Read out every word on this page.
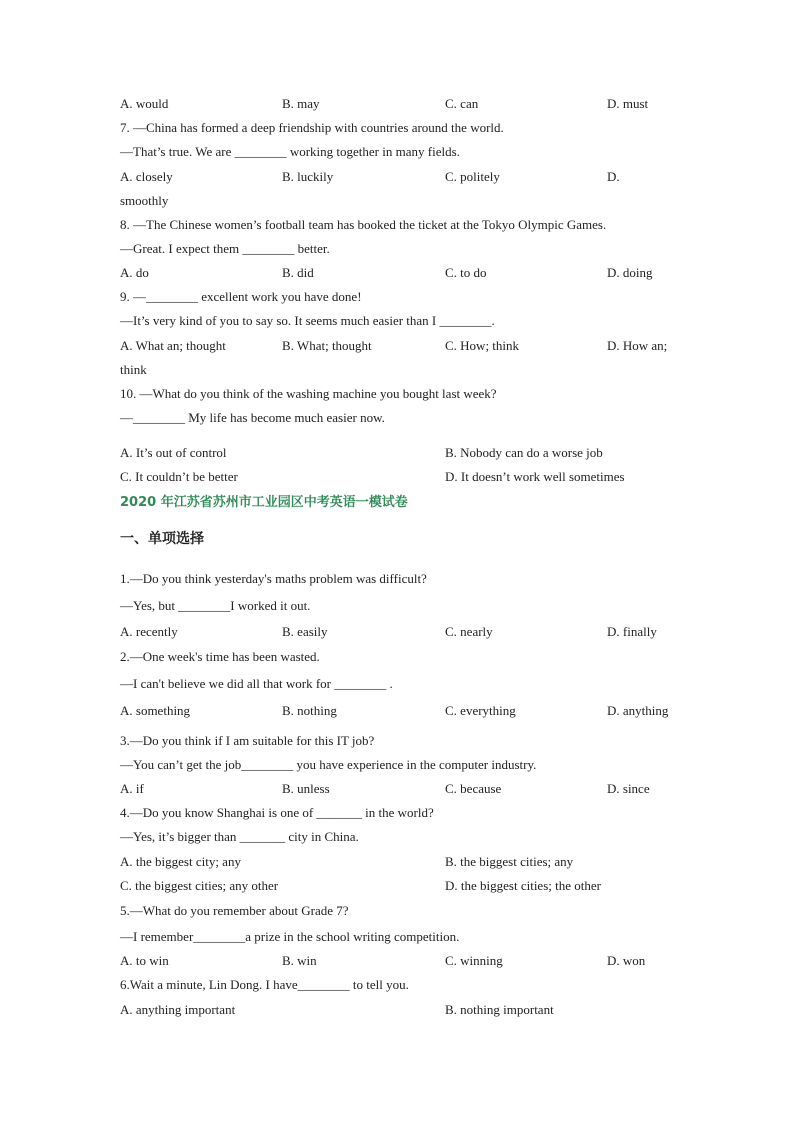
A. would	B. may	C. can	D. must
7. —China has formed a deep friendship with countries around the world.
—That’s true. We are ________ working together in many fields.
A. closely	B. luckily	C. politely	D.
smoothly
8. —The Chinese women’s football team has booked the ticket at the Tokyo Olympic Games.
—Great. I expect them ________ better.
A. do	B. did	C. to do	D. doing
9. —________ excellent work you have done!
—It’s very kind of you to say so. It seems much easier than I ________.
A. What an; thought	B. What; thought	C. How; think	D. How an;
think
10. —What do you think of the washing machine you bought last week?
—________ My life has become much easier now.
A. It’s out of control	B. Nobody can do a worse job
C. It couldn’t be better	D. It doesn’t work well sometimes
2020 年江苏省苏州市工业园区中考英语一模试卷
一、单项选择
1.—Do you think yesterday's maths problem was difficult?
—Yes, but ________I worked it out.
A. recently	B. easily	C. nearly	D. finally
2.—One week's time has been wasted.
—I can't believe we did all that work for ________ .
A. something	B. nothing	C. everything	D. anything
3.—Do you think if I am suitable for this IT job?
—You can’t get the job________ you have experience in the computer industry.
A. if	B. unless	C. because	D. since
4.—Do you know Shanghai is one of _______ in the world?
—Yes, it’s bigger than _______ city in China.
A. the biggest city; any	B. the biggest cities; any
C. the biggest cities; any other	D. the biggest cities; the other
5.—What do you remember about Grade 7?
—I remember________a prize in the school writing competition.
A. to win	B. win	C. winning	D. won
6.Wait a minute, Lin Dong. I have________ to tell you.
A. anything important	B. nothing important
